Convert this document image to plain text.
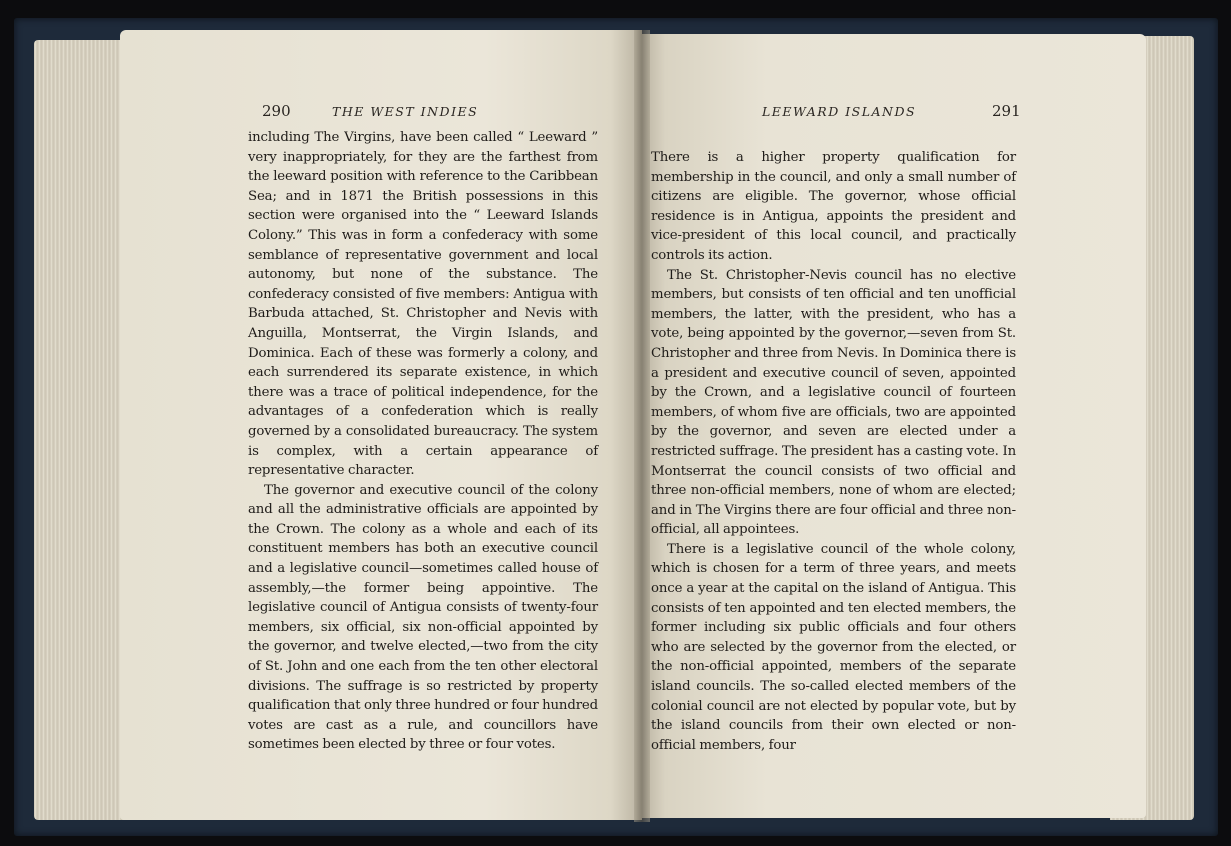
290	THE WEST INDIES	LEEWARD ISLANDS	291

including The Virgins, have been called “ Leeward ” very inappropriately, for they are the farthest from the leeward position with reference to the Caribbean Sea; and in 1871 the British possessions in this section were organised into the “ Leeward Islands Colony.” This was in form a confederacy with some semblance of representative government and local autonomy, but none of the substance. The confederacy consisted of five members: Antigua with Barbuda attached, St. Christopher and Nevis with Anguilla, Montserrat, the Virgin Islands, and Dominica. Each of these was formerly a colony, and each surrendered its separate existence, in which there was a trace of political independence, for the advantages of a confederation which is really governed by a consolidated bureaucracy. The system is complex, with a certain appearance of representative character.

The governor and executive council of the colony and all the administrative officials are appointed by the Crown. The colony as a whole and each of its constituent members has both an executive council and a legislative council—sometimes called house of assembly,—the former being appointive. The legislative council of Antigua consists of twenty-four members, six official, six non-official appointed by the governor, and twelve elected,—two from the city of St. John and one each from the ten other electoral divisions. The suffrage is so restricted by property qualification that only three hundred or four hundred votes are cast as a rule, and councillors have sometimes been elected by three or four votes.

There is a higher property qualification for membership in the council, and only a small number of citizens are eligible. The governor, whose official residence is in Antigua, appoints the president and vice-president of this local council, and practically controls its action.

The St. Christopher-Nevis council has no elective members, but consists of ten official and ten unofficial members, the latter, with the president, who has a vote, being appointed by the governor,—seven from St. Christopher and three from Nevis. In Dominica there is a president and executive council of seven, appointed by the Crown, and a legislative council of fourteen members, of whom five are officials, two are appointed by the governor, and seven are elected under a restricted suffrage. The president has a casting vote. In Montserrat the council consists of two official and three non-official members, none of whom are elected; and in The Virgins there are four official and three non-official, all appointees.

There is a legislative council of the whole colony, which is chosen for a term of three years, and meets once a year at the capital on the island of Antigua. This consists of ten appointed and ten elected members, the former including six public officials and four others who are selected by the governor from the elected, or the non-official appointed, members of the separate island councils. The so-called elected members of the colonial council are not elected by popular vote, but by the island councils from their own elected or non-official members, four
